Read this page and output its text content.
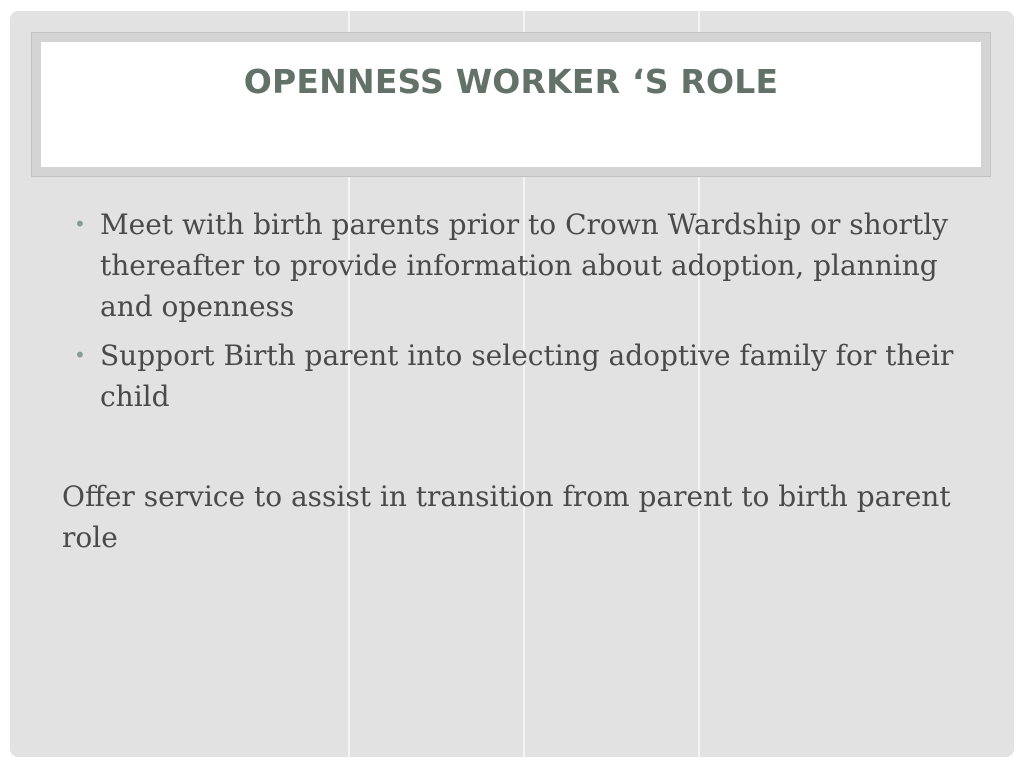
OPENNESS WORKER ‘S ROLE
• Meet with birth parents prior to Crown Wardship or shortly thereafter to provide information about adoption, planning and openness
• Support Birth parent into selecting adoptive family for their child
Offer service to assist in transition from parent to birth parent role
